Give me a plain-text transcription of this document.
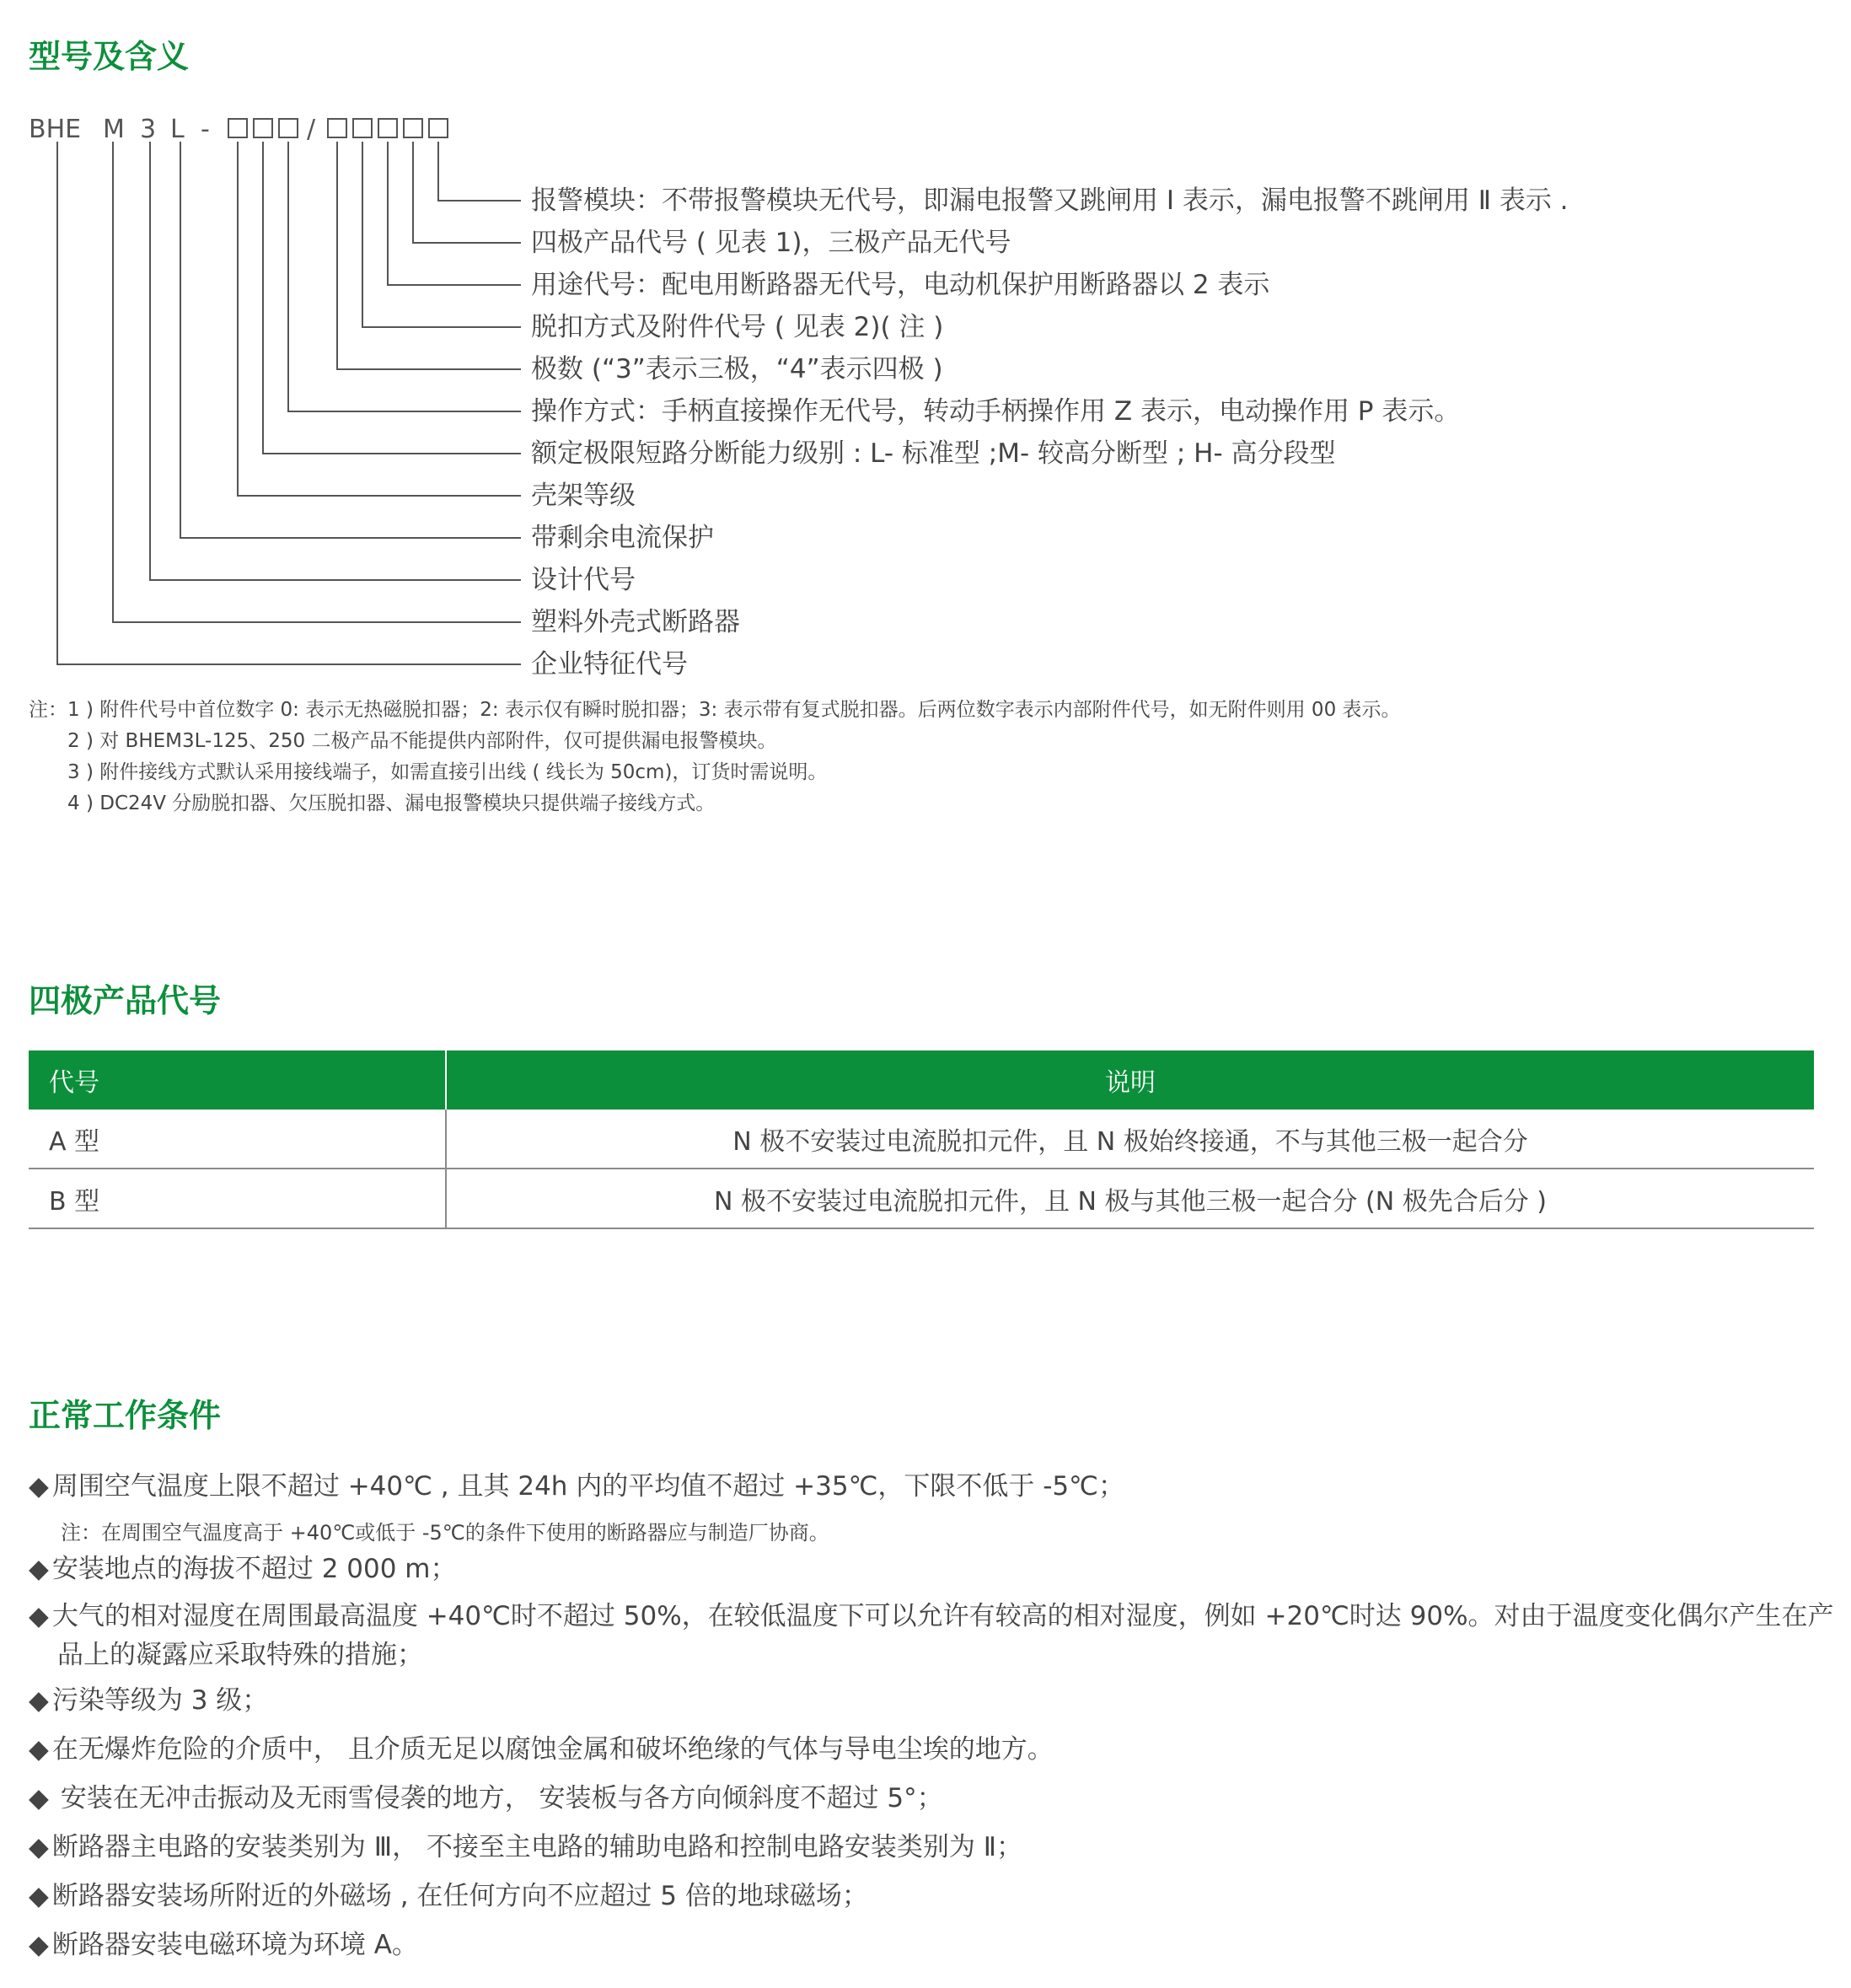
型号及含义
BHE M 3 L -	/
报警模块：不带报警模块无代号，即漏电报警又跳闸用 Ⅰ 表示，漏电报警不跳闸用 Ⅱ 表示 .
四极产品代号 ( 见表 1)，三极产品无代号
用途代号：配电用断路器无代号，电动机保护用断路器以 2 表示
脱扣方式及附件代号 ( 见表 2)( 注 )
极数 (“3”表示三极，“4”表示四极 )
操作方式：手柄直接操作无代号，转动手柄操作用 Z 表示，电动操作用 P 表示。
额定极限短路分断能力级别 : L- 标准型 ;M- 较高分断型 ; H- 高分段型
壳架等级
带剩余电流保护
设计代号
塑料外壳式断路器
企业特征代号
注：1 ) 附件代号中首位数字 0: 表示无热磁脱扣器；2: 表示仅有瞬时脱扣器；3: 表示带有复式脱扣器。后两位数字表示内部附件代号，如无附件则用 00 表示。
2 ) 对 BHEM3L-125、250 二极产品不能提供内部附件，仅可提供漏电报警模块。
3 ) 附件接线方式默认采用接线端子，如需直接引出线 ( 线长为 50cm)，订货时需说明。
4 ) DC24V 分励脱扣器、欠压脱扣器、漏电报警模块只提供端子接线方式。
四极产品代号
代号	说明
A 型	N 极不安装过电流脱扣元件，且 N 极始终接通，不与其他三极一起合分
B 型	N 极不安装过电流脱扣元件，且 N 极与其他三极一起合分 (N 极先合后分 )
正常工作条件
◆ 周围空气温度上限不超过 +40℃ , 且其 24h 内的平均值不超过 +35℃，下限不低于 -5℃；
注：在周围空气温度高于 +40℃或低于 -5℃的条件下使用的断路器应与制造厂协商。
◆ 安装地点的海拔不超过 2 000 m；
◆ 大气的相对湿度在周围最高温度 +40℃时不超过 50%，在较低温度下可以允许有较高的相对湿度，例如 +20℃时达 90%。对由于温度变化偶尔产生在产品上的凝露应采取特殊的措施；
◆ 污染等级为 3 级；
◆ 在无爆炸危险的介质中， 且介质无足以腐蚀金属和破坏绝缘的气体与导电尘埃的地方。
◆ 安装在无冲击振动及无雨雪侵袭的地方， 安装板与各方向倾斜度不超过 5°；
◆ 断路器主电路的安装类别为 Ⅲ， 不接至主电路的辅助电路和控制电路安装类别为 Ⅱ；
◆ 断路器安装场所附近的外磁场 , 在任何方向不应超过 5 倍的地球磁场；
◆ 断路器安装电磁环境为环境 A。
